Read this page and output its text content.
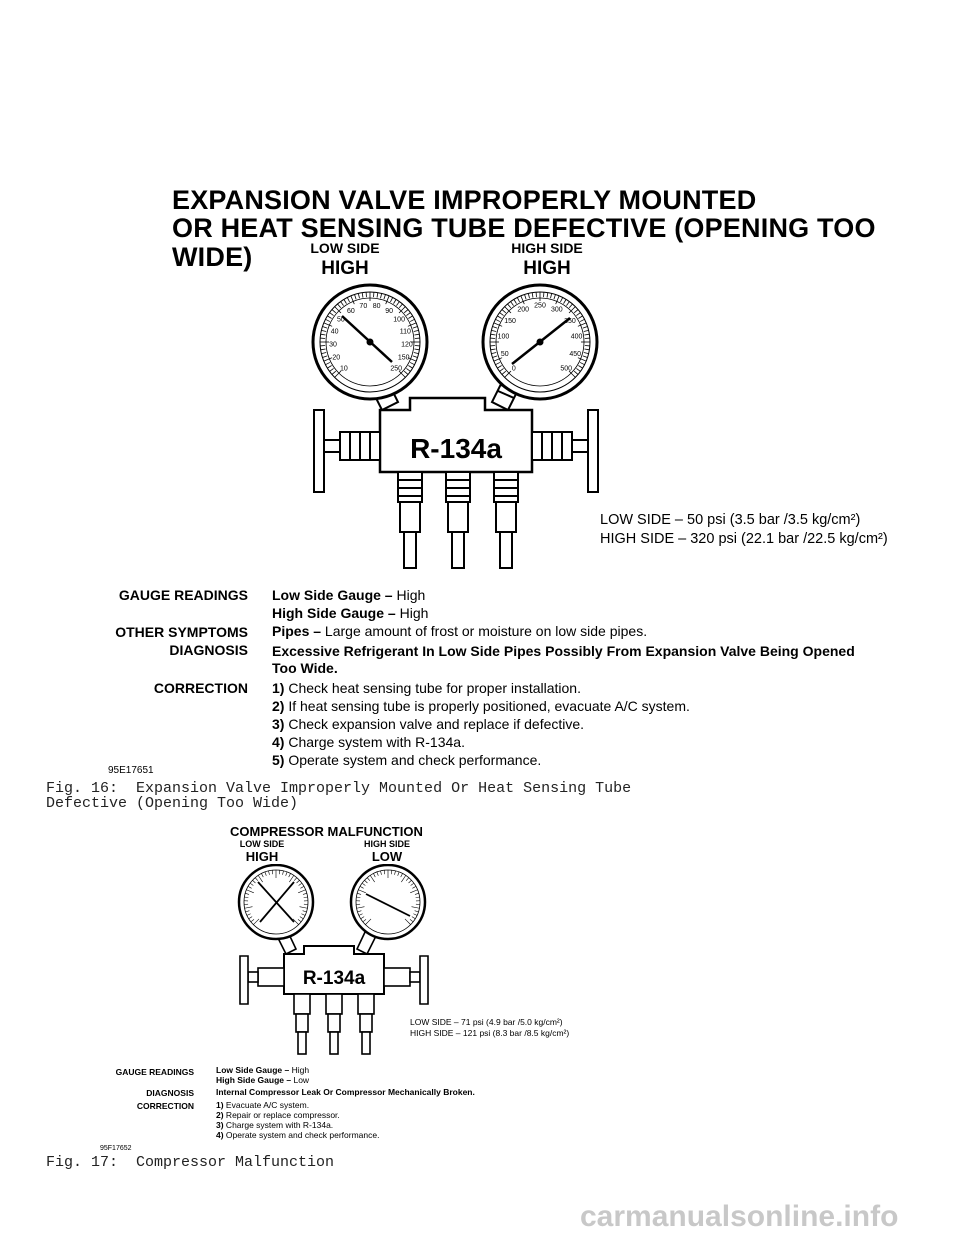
EXPANSION VALVE IMPROPERLY MOUNTED
OR HEAT SENSING TUBE DEFECTIVE (OPENING TOO WIDE)	LOW SIDE
HIGH
HIGH SIDE
HIGH
10
20
30
40
50
60
70 80
90
100
110
120
150
250	0
50
100
150
200
250
300
350
400
450
500
R-134a
LOW SIDE – 50 psi (3.5 bar /3.5 kg/cm²)
HIGH SIDE – 320 psi (22.1 bar /22.5 kg/cm²)
GAUGE READINGS
OTHER SYMPTOMS
DIAGNOSIS
CORRECTION
Low Side Gauge – High
High Side Gauge – High
Pipes – Large amount of frost or moisture on low side pipes.
Excessive Refrigerant In Low Side Pipes Possibly From Expansion Valve Being Opened
Too Wide.
1) Check heat sensing tube for proper installation.
2) If heat sensing tube is properly positioned, evacuate A/C system.
3) Check expansion valve and replace if defective.
4) Charge system with R-134a.
5) Operate system and check performance.
95E17651
Fig. 16:  Expansion Valve Improperly Mounted Or Heat Sensing Tube
Defective (Opening Too Wide)
COMPRESSOR MALFUNCTION
LOW SIDE
HIGH
HIGH SIDE
LOW
R-134a
LOW SIDE – 71 psi (4.9 bar /5.0 kg/cm²)
HIGH SIDE – 121 psi (8.3 bar /8.5 kg/cm²)
GAUGE READINGS
DIAGNOSIS
CORRECTION
Low Side Gauge – High
High Side Gauge – Low
Internal Compressor Leak Or Compressor Mechanically Broken.
1) Evacuate A/C system.
2) Repair or replace compressor.
3) Charge system with R-134a.
4) Operate system and check performance.
95F17652
Fig. 17:  Compressor Malfunction
carmanualsonline.info
